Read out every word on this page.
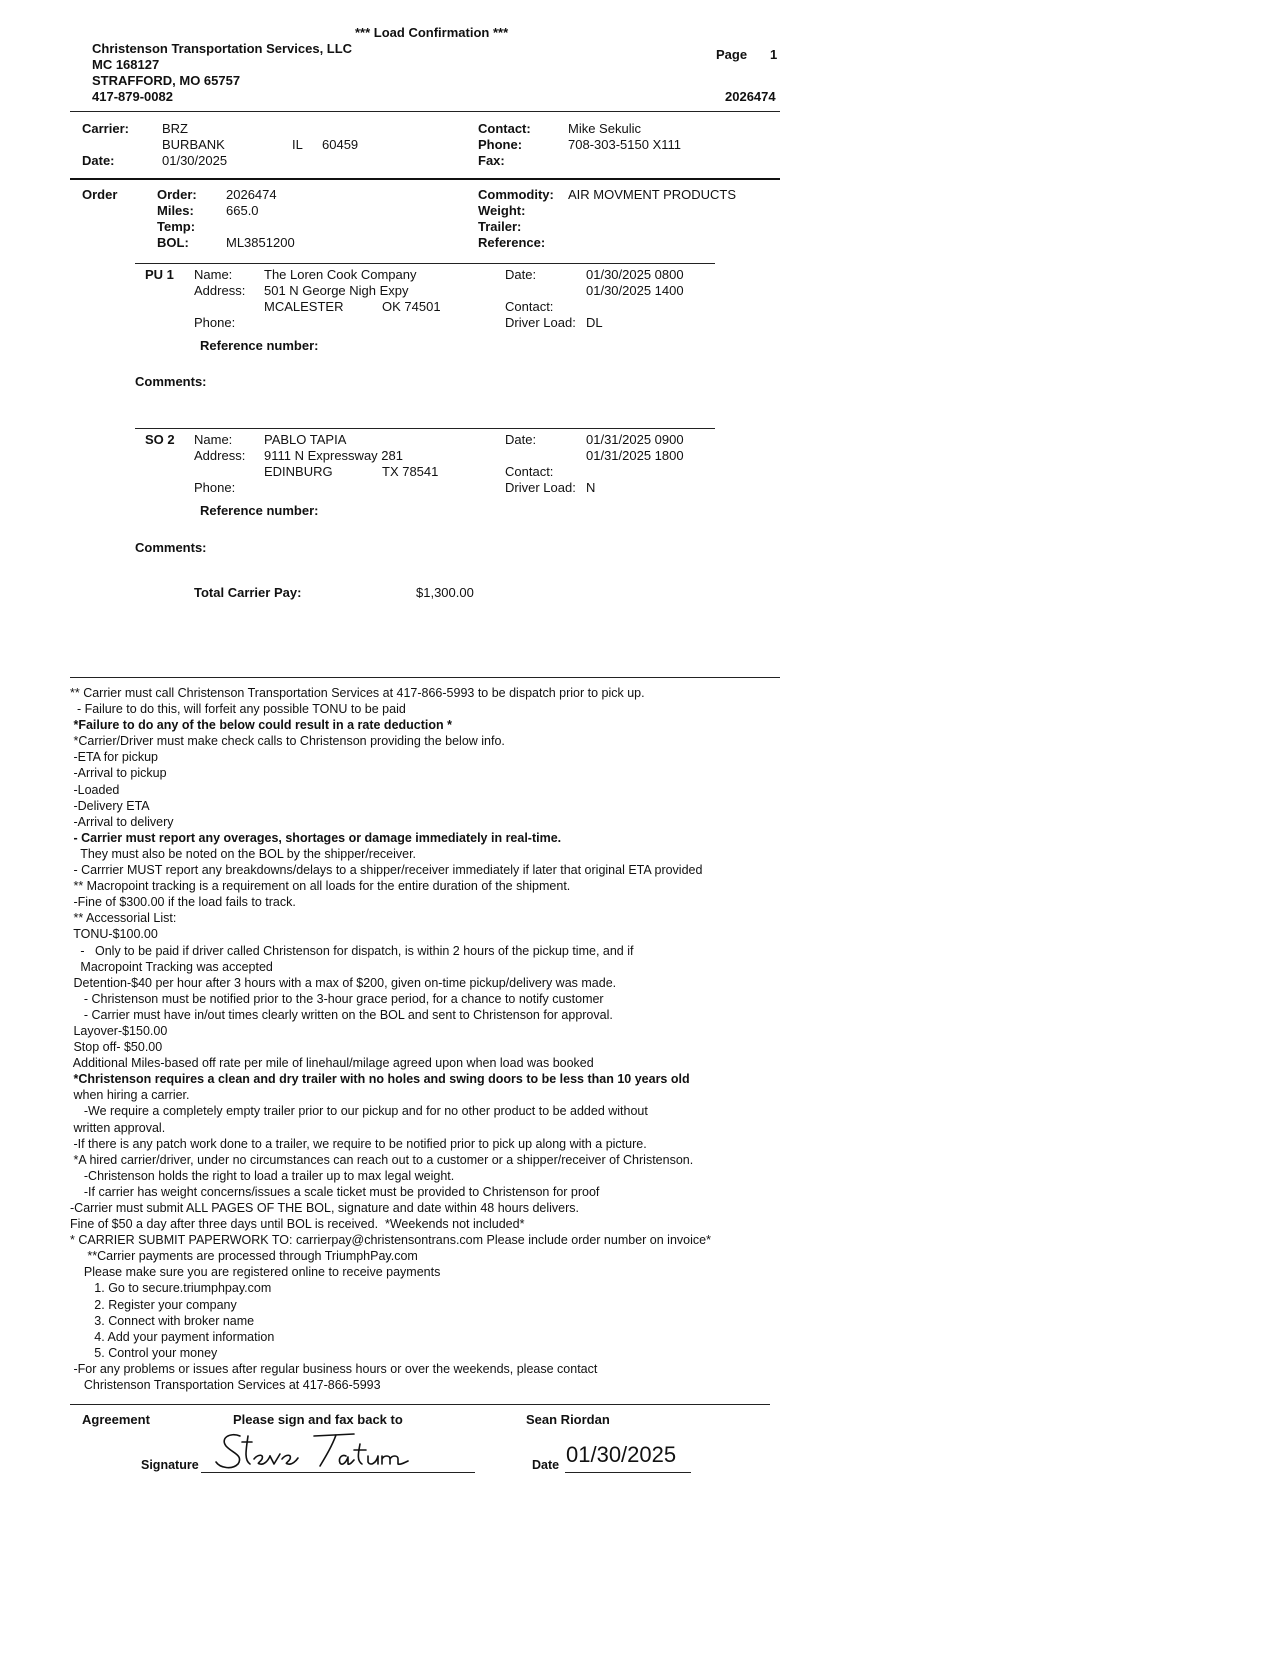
*** Load Confirmation ***
Christenson Transportation Services, LLC
MC 168127
STRAFFORD, MO 65757
417-879-0082
Page 1
2026474
Carrier:	BRZ
BURBANK	IL 60459
Date:	01/30/2025
Contact:	Mike Sekulic
Phone:	708-303-5150 X111
Fax:
Order	Order: 2026474
Miles: 665.0
Temp:
BOL:	ML3851200
Commodity: AIR MOVMENT PRODUCTS
Weight:
Trailer:
Reference:
PU 1 Name: The Loren Cook Company
Address: 501 N George Nigh Expy
MCALESTER	OK 74501
Phone:
Date:	01/30/2025 0800
01/30/2025 1400
Contact:
Driver Load: DL
Reference number:
Comments:
SO 2 Name: PABLO TAPIA
Address: 9111 N Expressway 281
EDINBURG	TX 78541
Phone:
Date:	01/31/2025 0900
01/31/2025 1800
Contact:
Driver Load: N
Reference number:
Comments:
Total Carrier Pay:	$1,300.00
** Carrier must call Christenson Transportation Services at 417-866-5993 to be dispatch prior to pick up.
- Failure to do this, will forfeit any possible TONU to be paid
*Failure to do any of the below could result in a rate deduction *
*Carrier/Driver must make check calls to Christenson providing the below info.
-ETA for pickup
-Arrival to pickup
-Loaded
-Delivery ETA
-Arrival to delivery
- Carrier must report any overages, shortages or damage immediately in real-time.
They must also be noted on the BOL by the shipper/receiver.
- Carrrier MUST report any breakdowns/delays to a shipper/receiver immediately if later that original ETA provided
** Macropoint tracking is a requirement on all loads for the entire duration of the shipment.
-Fine of $300.00 if the load fails to track.
** Accessorial List:
TONU-$100.00
-   Only to be paid if driver called Christenson for dispatch, is within 2 hours of the pickup time, and if
Macropoint Tracking was accepted
Detention-$40 per hour after 3 hours with a max of $200, given on-time pickup/delivery was made.
- Christenson must be notified prior to the 3-hour grace period, for a chance to notify customer
- Carrier must have in/out times clearly written on the BOL and sent to Christenson for approval.
Layover-$150.00
Stop off- $50.00
Additional Miles-based off rate per mile of linehaul/milage agreed upon when load was booked
*Christenson requires a clean and dry trailer with no holes and swing doors to be less than 10 years old
when hiring a carrier.
-We require a completely empty trailer prior to our pickup and for no other product to be added without
written approval.
-If there is any patch work done to a trailer, we require to be notified prior to pick up along with a picture.
*A hired carrier/driver, under no circumstances can reach out to a customer or a shipper/receiver of Christenson.
-Christenson holds the right to load a trailer up to max legal weight.
-If carrier has weight concerns/issues a scale ticket must be provided to Christenson for proof
-Carrier must submit ALL PAGES OF THE BOL, signature and date within 48 hours delivers.
Fine of $50 a day after three days until BOL is received.  *Weekends not included*
* CARRIER SUBMIT PAPERWORK TO: carrierpay@christensontrans.com Please include order number on invoice*
**Carrier payments are processed through TriumphPay.com
Please make sure you are registered online to receive payments
1. Go to secure.triumphpay.com
2. Register your company
3. Connect with broker name
4. Add your payment information
5. Control your money
-For any problems or issues after regular business hours or over the weekends, please contact
Christenson Transportation Services at 417-866-5993
Agreement	Please sign and fax back to	Sean Riordan
Signature	Date 01/30/2025
